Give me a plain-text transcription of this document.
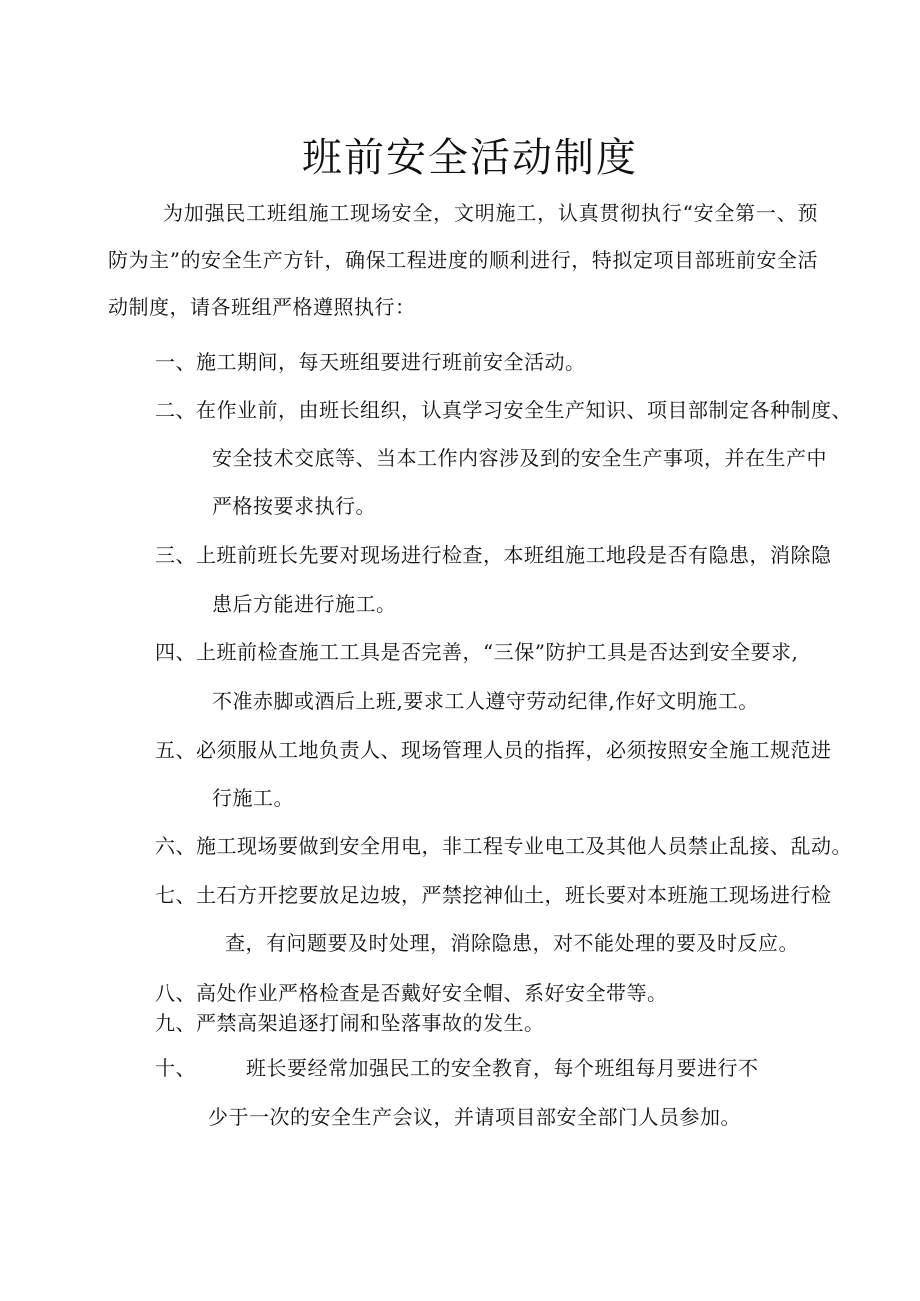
班前安全活动制度

为加强民工班组施工现场安全，文明施工，认真贯彻执行“安全第一、预防为主”的安全生产方针，确保工程进度的顺利进行，特拟定项目部班前安全活动制度，请各班组严格遵照执行：

一、施工期间，每天班组要进行班前安全活动。
二、在作业前，由班长组织，认真学习安全生产知识、项目部制定各种制度、
安全技术交底等、当本工作内容涉及到的安全生产事项，并在生产中
严格按要求执行。
三、上班前班长先要对现场进行检查，本班组施工地段是否有隐患，消除隐
患后方能进行施工。
四、上班前检查施工工具是否完善，“三保”防护工具是否达到安全要求,
不准赤脚或酒后上班,要求工人遵守劳动纪律,作好文明施工。
五、必须服从工地负责人、现场管理人员的指挥，必须按照安全施工规范进
行施工。
六、施工现场要做到安全用电，非工程专业电工及其他人员禁止乱接、乱动。
七、土石方开挖要放足边坡，严禁挖神仙土，班长要对本班施工现场进行检
查，有问题要及时处理，消除隐患，对不能处理的要及时反应。
八、高处作业严格检查是否戴好安全帽、系好安全带等。
九、严禁高架追逐打闹和坠落事故的发生。
十、	班长要经常加强民工的安全教育，每个班组每月要进行不
少于一次的安全生产会议，并请项目部安全部门人员参加。
